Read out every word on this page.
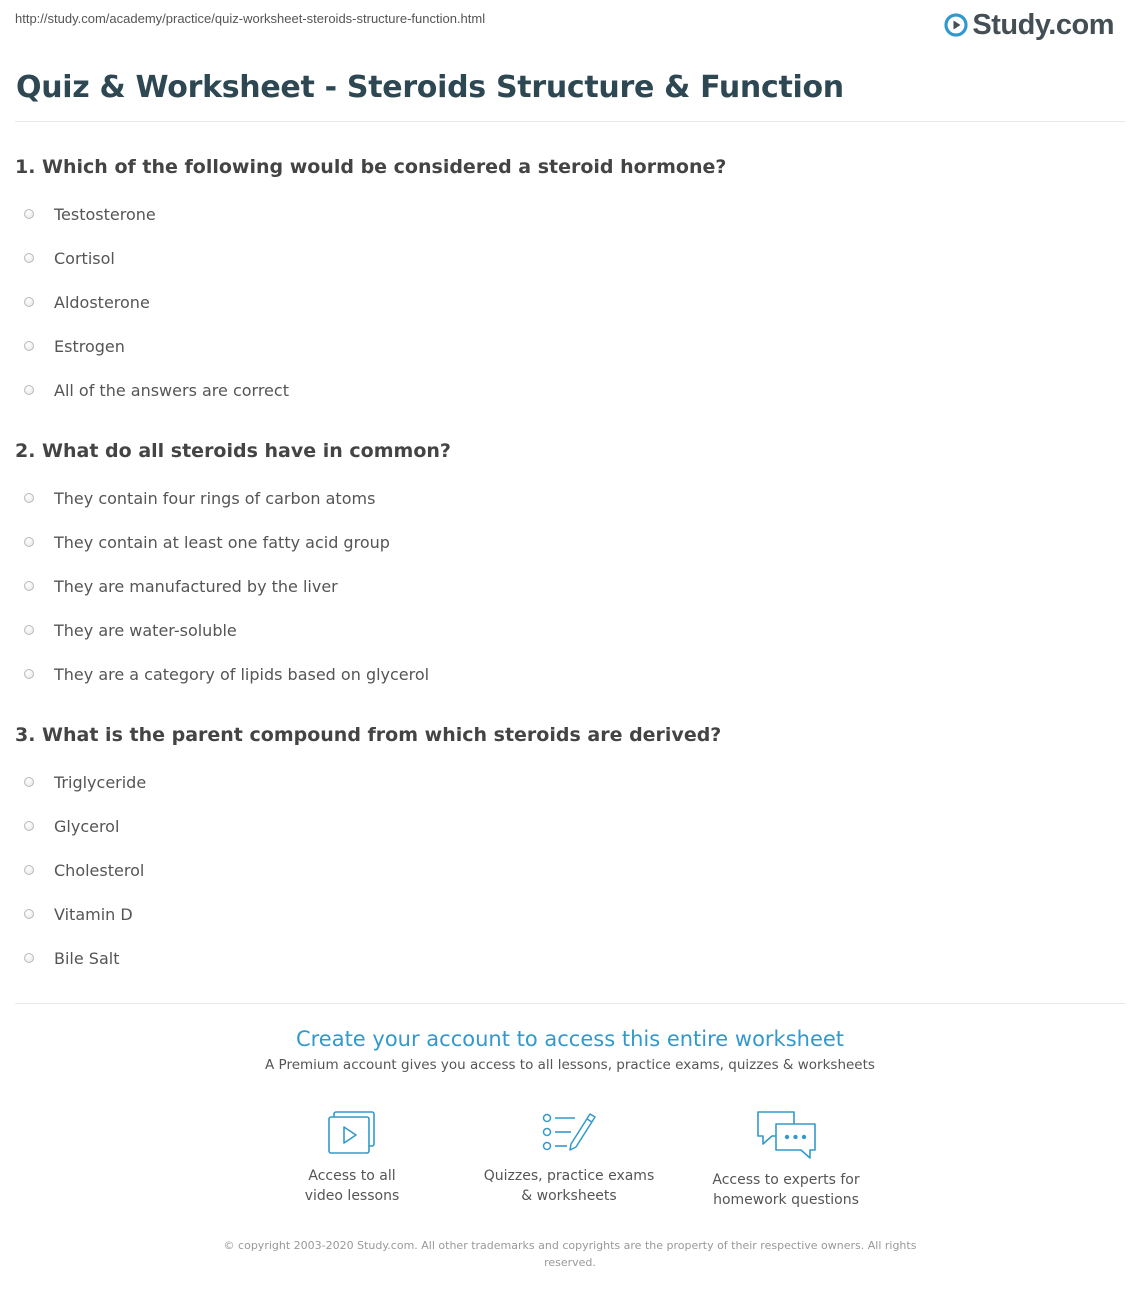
http://study.com/academy/practice/quiz-worksheet-steroids-structure-function.html	Study.com
Quiz & Worksheet - Steroids Structure & Function

1. Which of the following would be considered a steroid hormone?

Testosterone
Cortisol
Aldosterone
Estrogen
All of the answers are correct

2. What do all steroids have in common?

They contain four rings of carbon atoms
They contain at least one fatty acid group
They are manufactured by the liver
They are water-soluble
They are a category of lipids based on glycerol

3. What is the parent compound from which steroids are derived?

Triglyceride
Glycerol
Cholesterol
Vitamin D
Bile Salt
Create your account to access this entire worksheet
A Premium account gives you access to all lessons, practice exams, quizzes & worksheets
Access to all
video lessons
Quizzes, practice exams
& worksheets
Access to experts for
homework questions
© copyright 2003-2020 Study.com. All other trademarks and copyrights are the property of their respective owners. All rights reserved.
